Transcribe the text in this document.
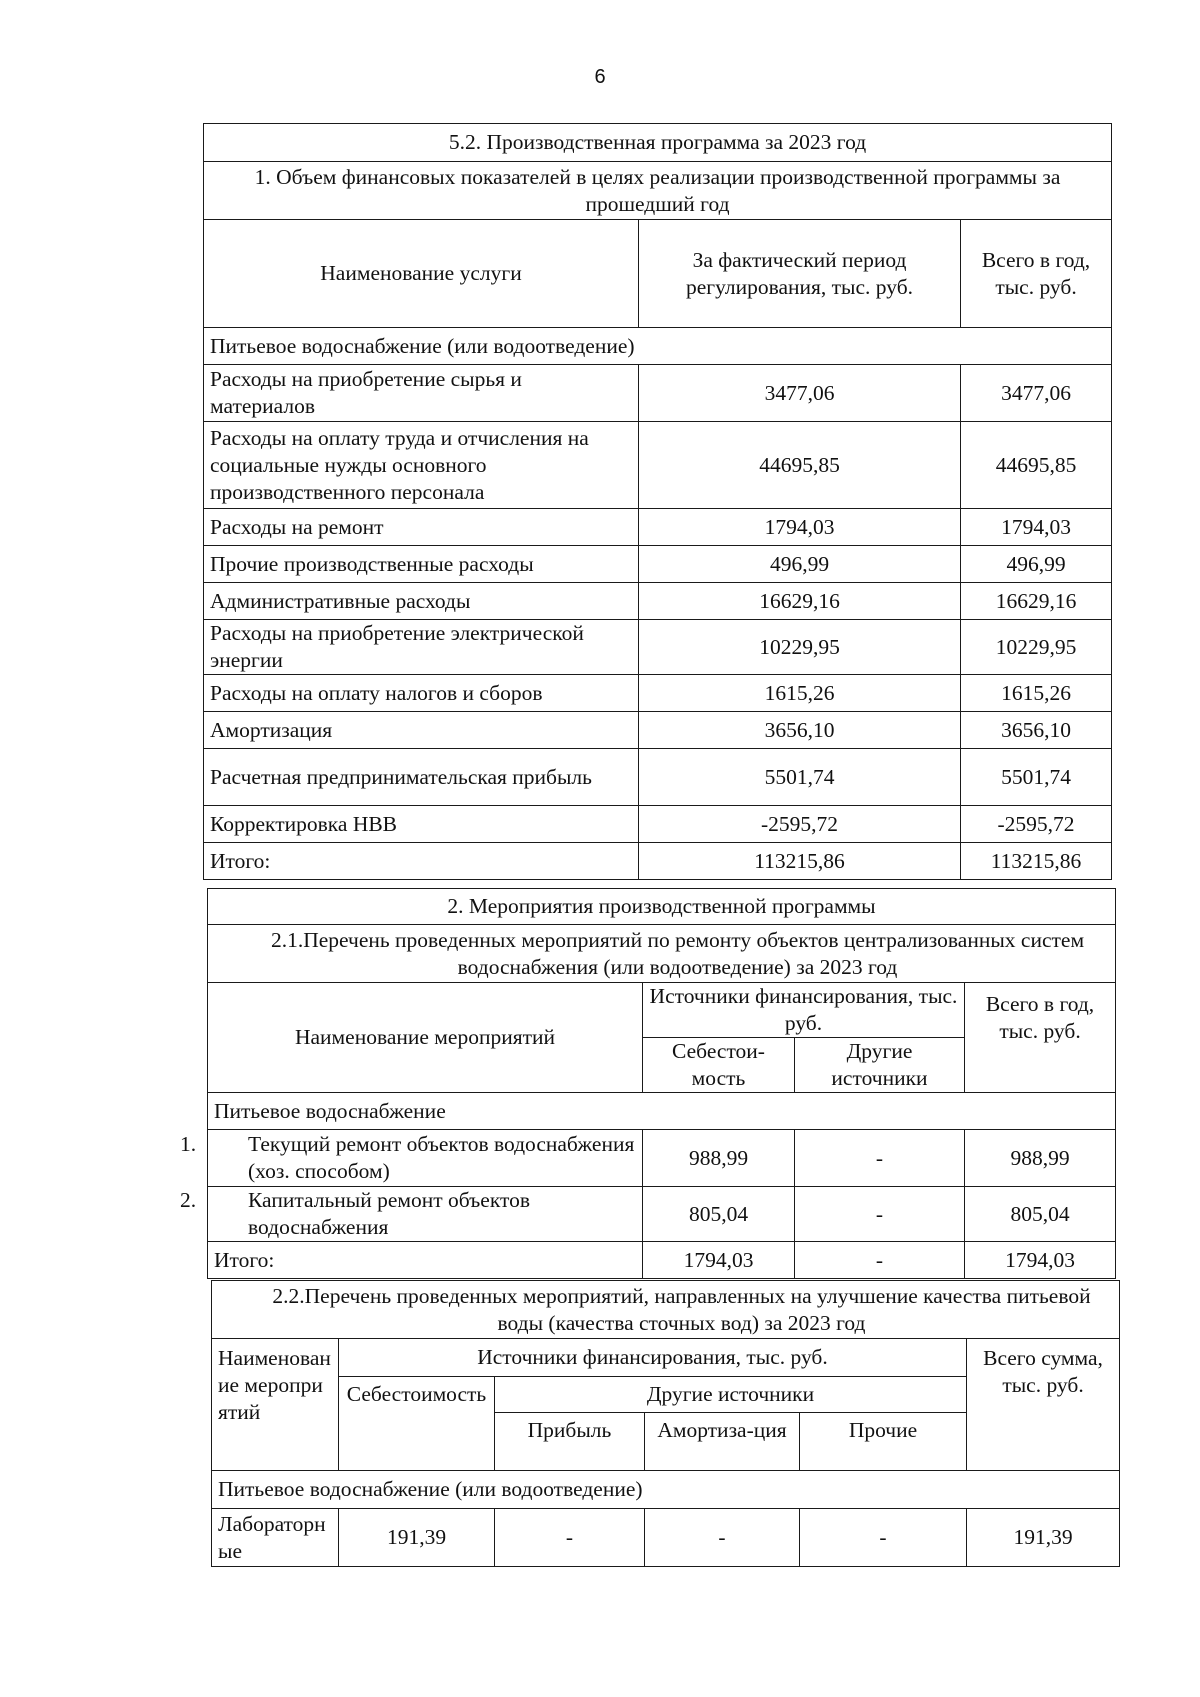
6
5.2. Производственная программа за 2023 год		
1. Объем финансовых показателей в целях реализации производственной программы за прошедший год		
Наименование услуги	За фактический период регулирования, тыс. руб.	Всего в год, тыс. руб.
Питьевое водоснабжение (или водоотведение)		
Расходы на приобретение сырья и материалов	3477,06	3477,06
Расходы на оплату труда и отчисления на социальные нужды основного производственного персонала	44695,85	44695,85
Расходы на ремонт	1794,03	1794,03
Прочие производственные расходы	496,99	496,99
Административные расходы	16629,16	16629,16
Расходы на приобретение электрической энергии	10229,95	10229,95
Расходы на оплату налогов и сборов	1615,26	1615,26
Амортизация	3656,10	3656,10
Расчетная предпринимательская прибыль	5501,74	5501,74
Корректировка НВВ	-2595,72	-2595,72
Итого:	113215,86	113215,86
2. Мероприятия производственной программы			
2.1.Перечень проведенных мероприятий по ремонту объектов централизованных систем водоснабжения (или водоотведение) за 2023 год			
Наименование мероприятий	Источники финансирования, тыс. руб.		Всего в год, тыс. руб.
	Себестои-мость	Другие источники	
Питьевое водоснабжение			
1. Текущий ремонт объектов водоснабжения (хоз. способом)	988,99	-	988,99
2. Капитальный ремонт объектов водоснабжения	805,04	-	805,04
Итого:	1794,03	-	1794,03
2.2.Перечень проведенных мероприятий, направленных на улучшение качества питьевой воды (качества сточных вод) за 2023 год					
Наименование мероприятий	Источники финансирования, тыс. руб.				Всего сумма, тыс. руб.
	Себестоимость	Другие источники			
		Прибыль	Амортиза-ция	Прочие	
Питьевое водоснабжение (или водоотведение)					
Лабораторные	191,39	-	-	-	191,39
